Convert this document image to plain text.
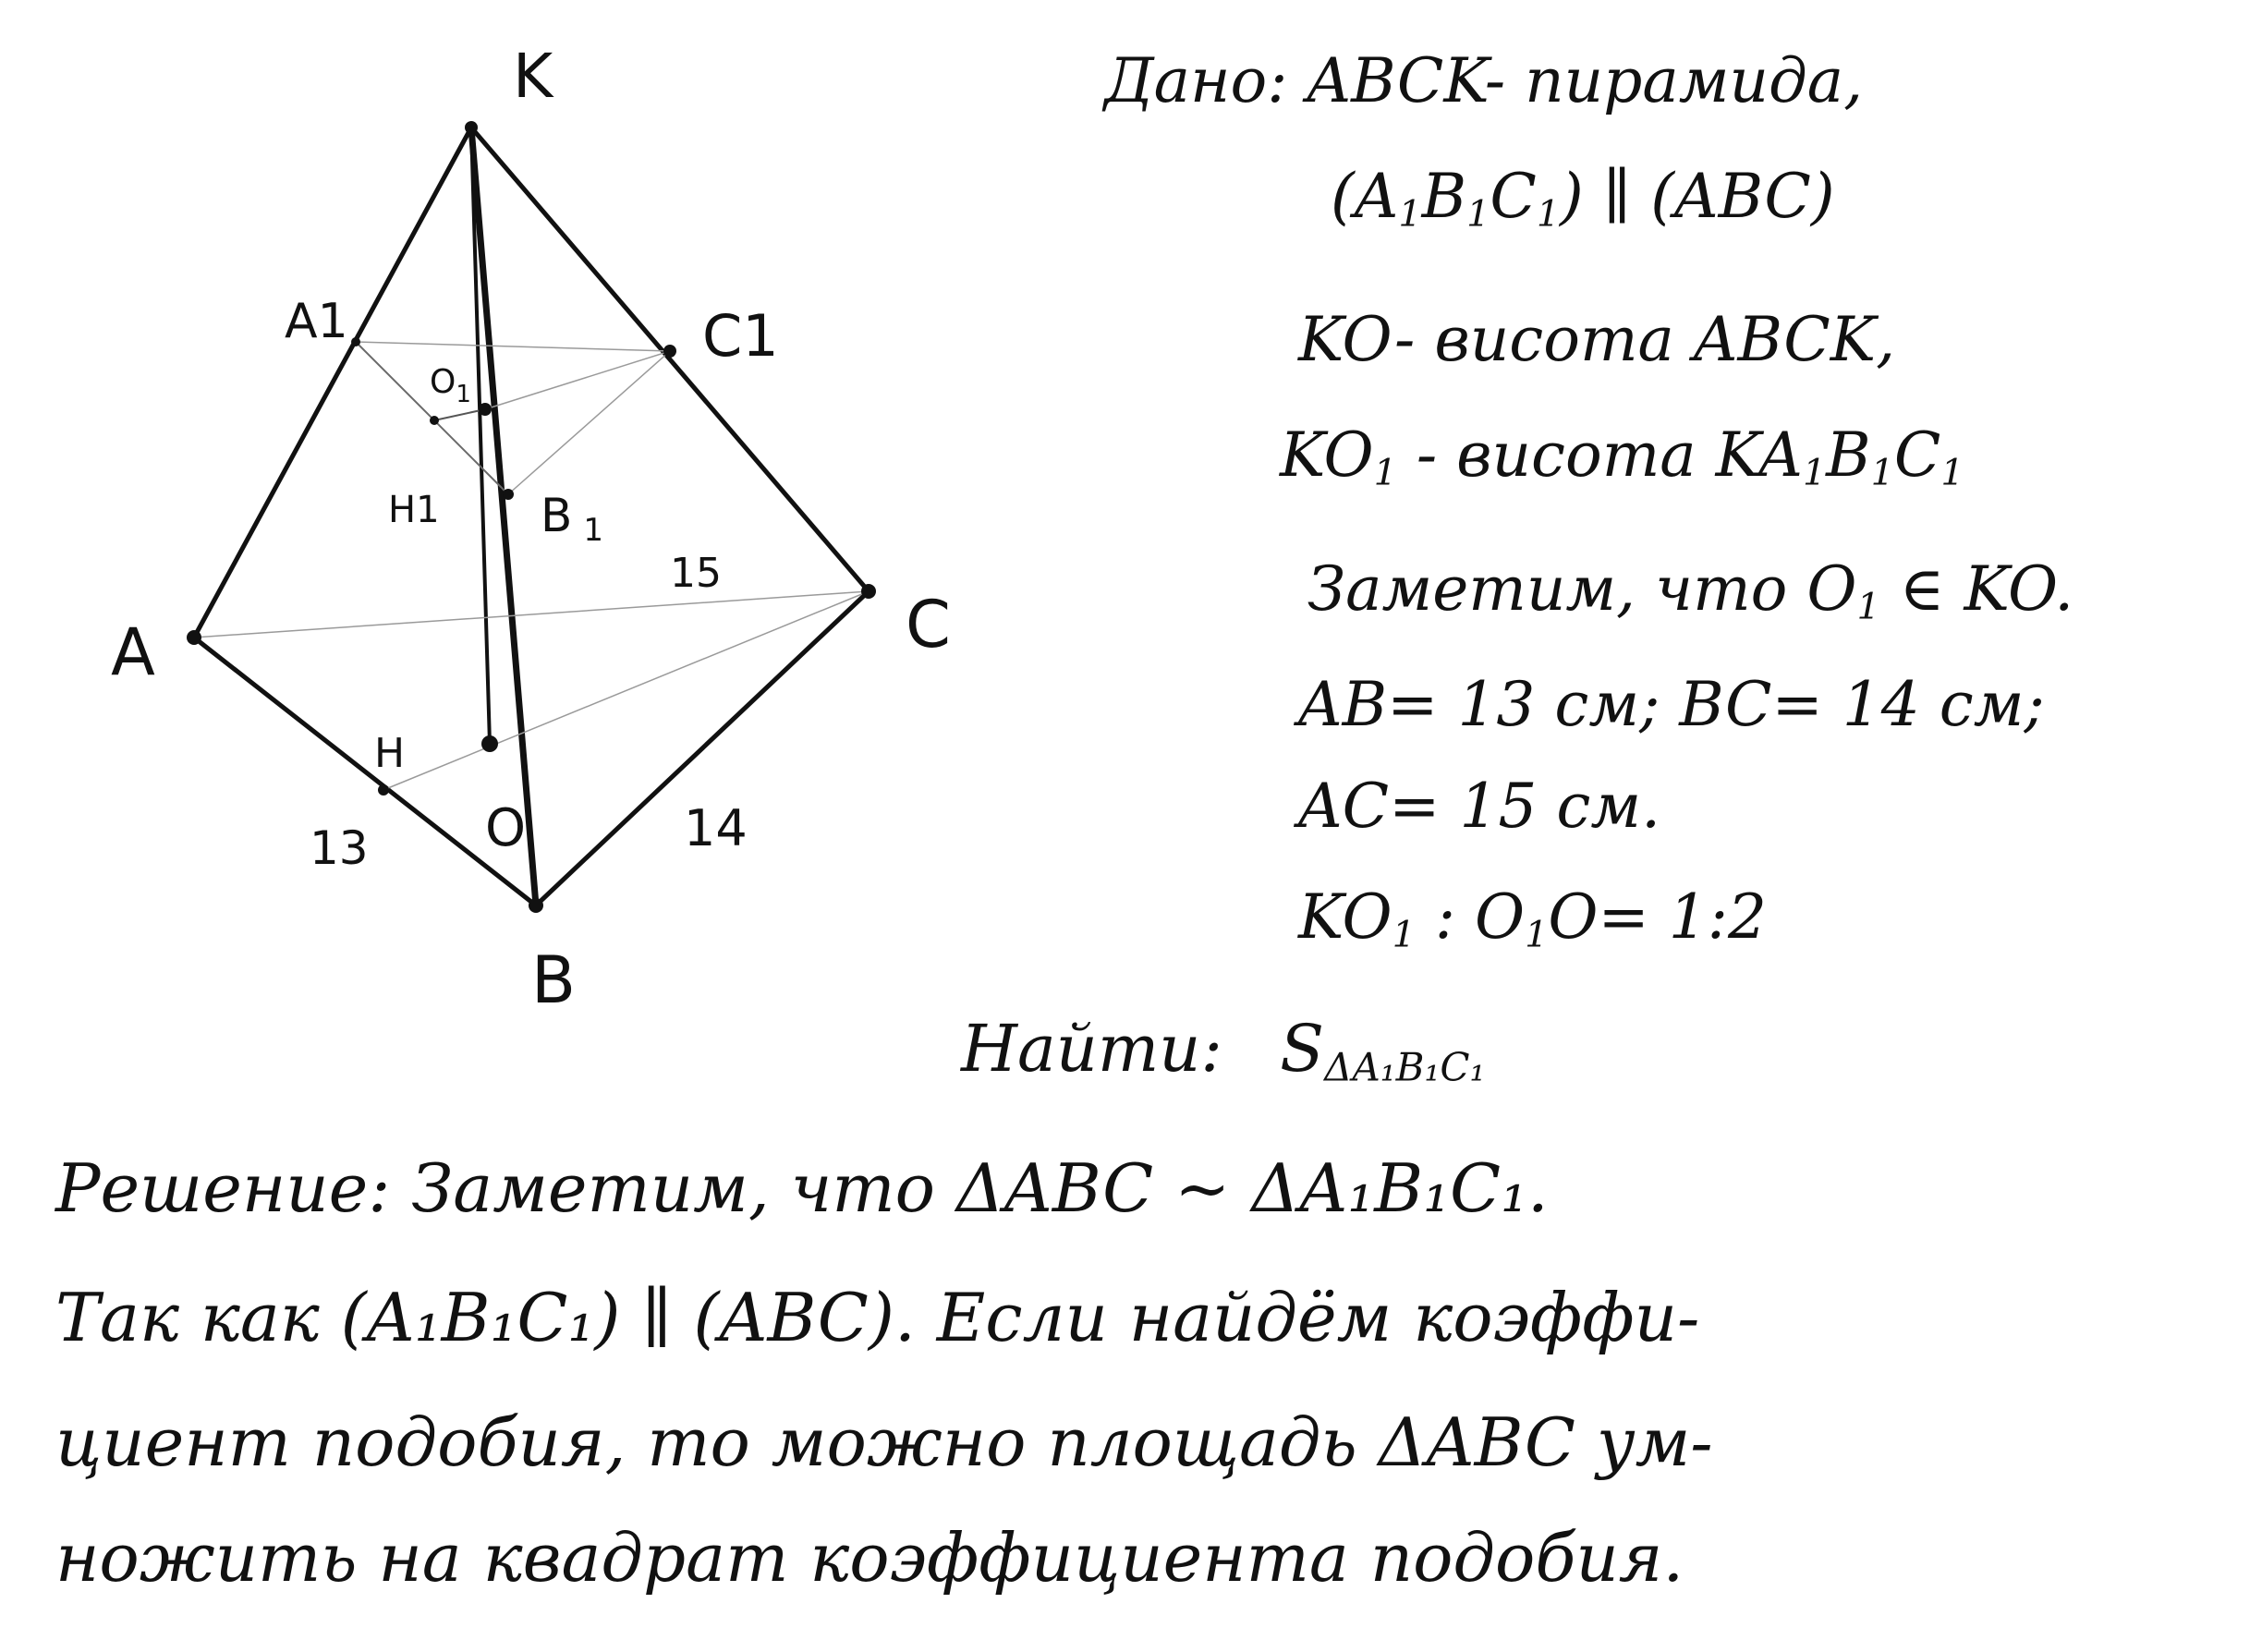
K
A
B
C
A1	C1
$O_1$
H1 B $_1$
O
H
13	14
15
Дано: ABCK- пирамида,
$(A_1B_1C_1)$ ∥ (ABC)
KO- висота ABCK,
$KO_1$ - висота $KA_1B_1C_1$
Заметим, что $O_1$ ∈ KO.
AB= 13 см; BC= 14 см;
AC= 15 см.
$KO_1$ : $O_1O=$ 1:2
Найти: $S_{\Delta A_1B_1C_1}$
Решение: Заметим, что ΔABC ~ ΔA₁B₁C₁.
Так как (A₁B₁C₁) ∥ (ABC). Если найдём коэффи-
циент подобия, то можно площадь ΔABC ум-
ножить на квадрат коэффициента подобия.
